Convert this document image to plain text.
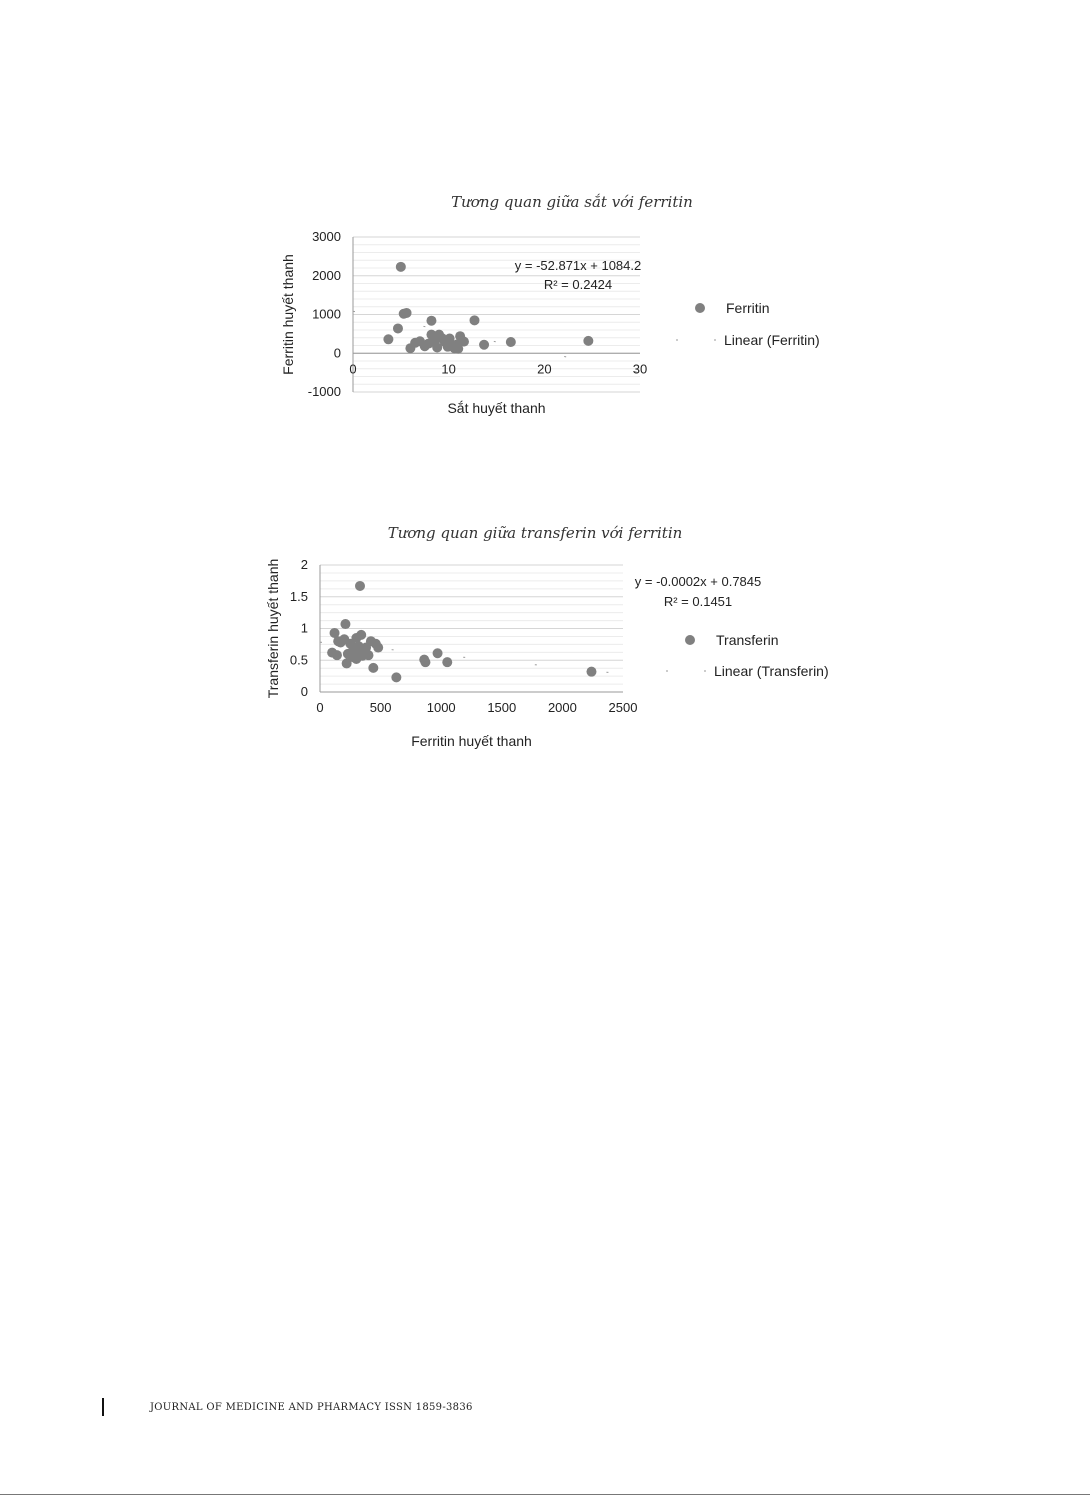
Tương quan giữa sắt với ferritin
-1000
0
1000
2000
3000
0	10	20	30
Sắt huyết thanh
Ferritin huyết thanh	y = -52.871x + 1084.2
R² = 0.2424
Ferritin
Linear (Ferritin)
Tương quan giữa transferin với ferritin
0
0.5
1
1.5
2
0	500	1000 1500 2000 2500
Ferritin huyết thanh
Transferin huyết thanh	y = -0.0002x + 0.7845
R² = 0.1451
Transferin
Linear (Transferin)
JOURNAL OF MEDICINE AND PHARMACY ISSN 1859-3836
